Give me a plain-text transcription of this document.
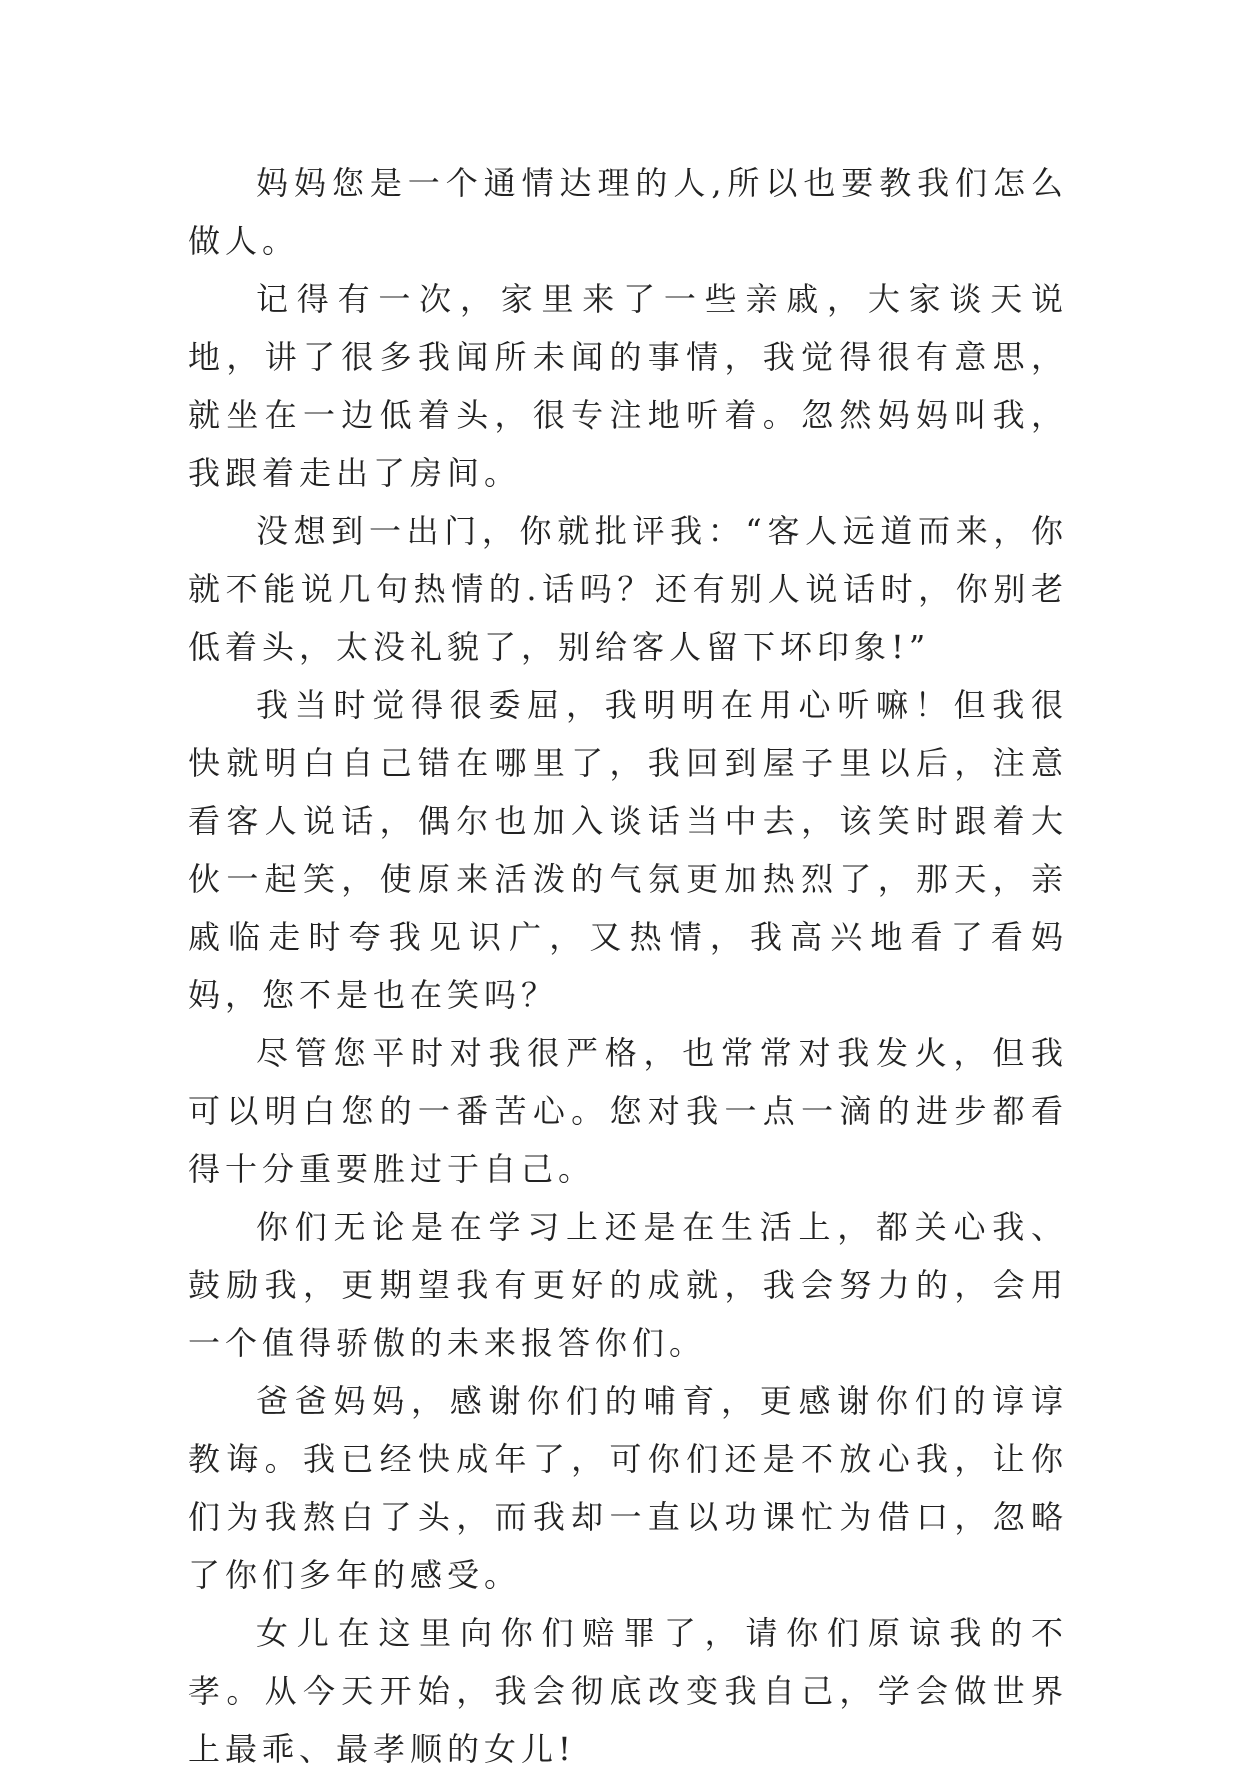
妈妈您是一个通情达理的人,所以也要教我们怎么做人。

记得有一次，家里来了一些亲戚，大家谈天说地，讲了很多我闻所未闻的事情，我觉得很有意思，就坐在一边低着头，很专注地听着。忽然妈妈叫我，我跟着走出了房间。

没想到一出门，你就批评我：“客人远道而来，你就不能说几句热情的.话吗？还有别人说话时，你别老低着头，太没礼貌了，别给客人留下坏印象!”

我当时觉得很委屈，我明明在用心听嘛！但我很快就明白自己错在哪里了，我回到屋子里以后，注意看客人说话，偶尔也加入谈话当中去，该笑时跟着大伙一起笑，使原来活泼的气氛更加热烈了，那天，亲戚临走时夸我见识广，又热情，我高兴地看了看妈妈，您不是也在笑吗？

尽管您平时对我很严格，也常常对我发火，但我可以明白您的一番苦心。您对我一点一滴的进步都看得十分重要胜过于自己。

你们无论是在学习上还是在生活上，都关心我、鼓励我，更期望我有更好的成就，我会努力的，会用一个值得骄傲的未来报答你们。

爸爸妈妈，感谢你们的哺育，更感谢你们的谆谆教诲。我已经快成年了，可你们还是不放心我，让你们为我熬白了头，而我却一直以功课忙为借口，忽略了你们多年的感受。

女儿在这里向你们赔罪了，请你们原谅我的不孝。从今天开始，我会彻底改变我自己，学会做世界上最乖、最孝顺的女儿!
